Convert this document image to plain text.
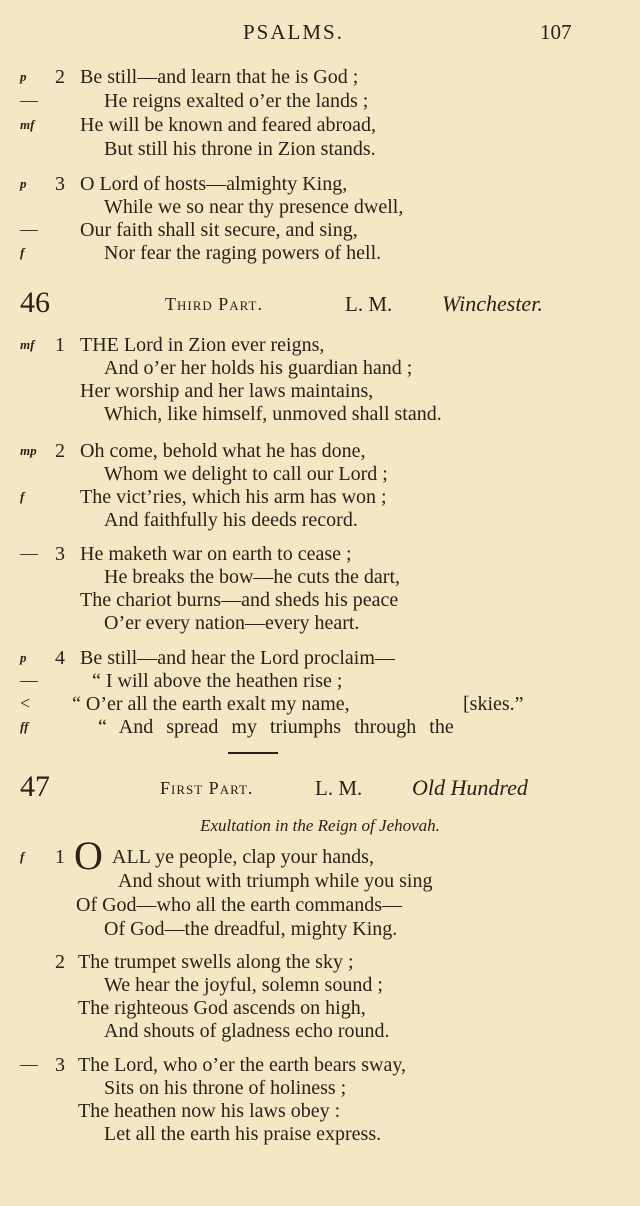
PSALMS.	107
p 2 Be still—and learn that he is God ;
—	He reigns exalted o’er the lands ;
mf He will be known and feared abroad,
But still his throne in Zion stands.
p 3 O Lord of hosts—almighty King,
While we so near thy presence dwell,
— Our faith shall sit secure, and sing,
f	Nor fear the raging powers of hell.
46	Third Part.	L. M. Winchester.
mf 1 THE Lord in Zion ever reigns,
And o’er her holds his guardian hand ;
Her worship and her laws maintains,
Which, like himself, unmoved shall stand.
mp 2 Oh come, behold what he has done,
Whom we delight to call our Lord ;
f	The vict’ries, which his arm has won ;
And faithfully his deeds record.
— 3 He maketh war on earth to cease ;
He breaks the bow—he cuts the dart,
The chariot burns—and sheds his peace
O’er every nation—every heart.
p 4 Be still—and hear the Lord proclaim—
—	“ I will above the heathen rise ;
< “ O’er all the earth exalt my name,	[skies.”
ff	“ And spread my triumphs through the
47	First Part.	L. M. Old Hundred
Exultation in the Reign of Jehovah.
f 1 O ALL ye people, clap your hands,
And shout with triumph while you sing
Of God—who all the earth commands—
Of God—the dreadful, mighty King.
2 The trumpet swells along the sky ;
We hear the joyful, solemn sound ;
The righteous God ascends on high,
And shouts of gladness echo round.
— 3 The Lord, who o’er the earth bears sway,
Sits on his throne of holiness ;
The heathen now his laws obey :
Let all the earth his praise express.
